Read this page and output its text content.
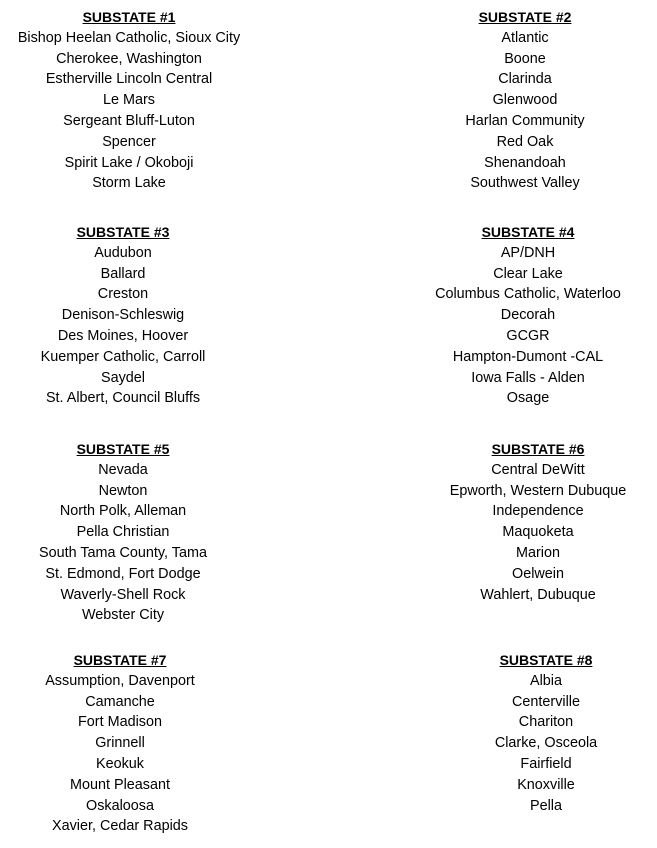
SUBSTATE #1
Bishop Heelan Catholic, Sioux City
Cherokee, Washington
Estherville Lincoln Central
Le Mars
Sergeant Bluff-Luton
Spencer
Spirit Lake / Okoboji
Storm Lake
SUBSTATE #2
Atlantic
Boone
Clarinda
Glenwood
Harlan Community
Red Oak
Shenandoah
Southwest Valley
SUBSTATE #3
Audubon
Ballard
Creston
Denison-Schleswig
Des Moines, Hoover
Kuemper Catholic, Carroll
Saydel
St. Albert, Council Bluffs
SUBSTATE #4
AP/DNH
Clear Lake
Columbus Catholic, Waterloo
Decorah
GCGR
Hampton-Dumont -CAL
Iowa Falls - Alden
Osage
SUBSTATE #5
Nevada
Newton
North Polk, Alleman
Pella Christian
South Tama County, Tama
St. Edmond, Fort Dodge
Waverly-Shell Rock
Webster City
SUBSTATE #6
Central DeWitt
Epworth, Western Dubuque
Independence
Maquoketa
Marion
Oelwein
Wahlert, Dubuque
SUBSTATE #7
Assumption, Davenport
Camanche
Fort Madison
Grinnell
Keokuk
Mount Pleasant
Oskaloosa
Xavier, Cedar Rapids
SUBSTATE #8
Albia
Centerville
Chariton
Clarke, Osceola
Fairfield
Knoxville
Pella
